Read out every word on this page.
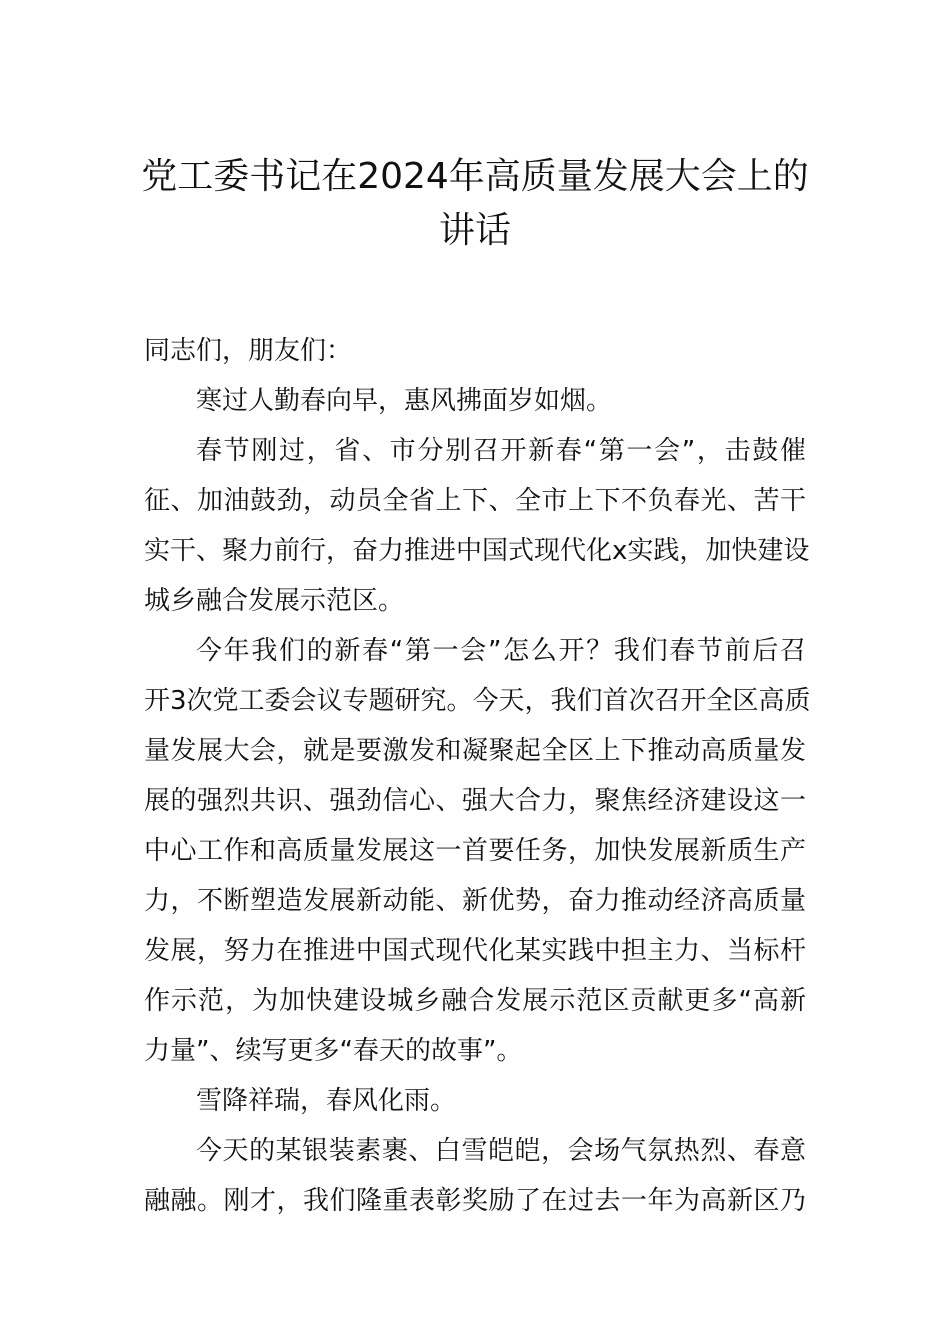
党工委书记在2024年高质量发展大会上的
讲话
同志们，朋友们：
寒过人勤春向早，惠风拂面岁如烟。
春节刚过，省、市分别召开新春“第一会”，击鼓催
征、加油鼓劲，动员全省上下、全市上下不负春光、苦干
实干、聚力前行，奋力推进中国式现代化x实践，加快建设
城乡融合发展示范区。
今年我们的新春“第一会”怎么开？我们春节前后召
开3次党工委会议专题研究。今天，我们首次召开全区高质
量发展大会，就是要激发和凝聚起全区上下推动高质量发
展的强烈共识、强劲信心、强大合力，聚焦经济建设这一
中心工作和高质量发展这一首要任务，加快发展新质生产
力，不断塑造发展新动能、新优势，奋力推动经济高质量
发展，努力在推进中国式现代化某实践中担主力、当标杆
作示范，为加快建设城乡融合发展示范区贡献更多“高新
力量”、续写更多“春天的故事”。
雪降祥瑞，春风化雨。
今天的某银装素裹、白雪皑皑，会场气氛热烈、春意
融融。刚才，我们隆重表彰奖励了在过去一年为高新区乃
